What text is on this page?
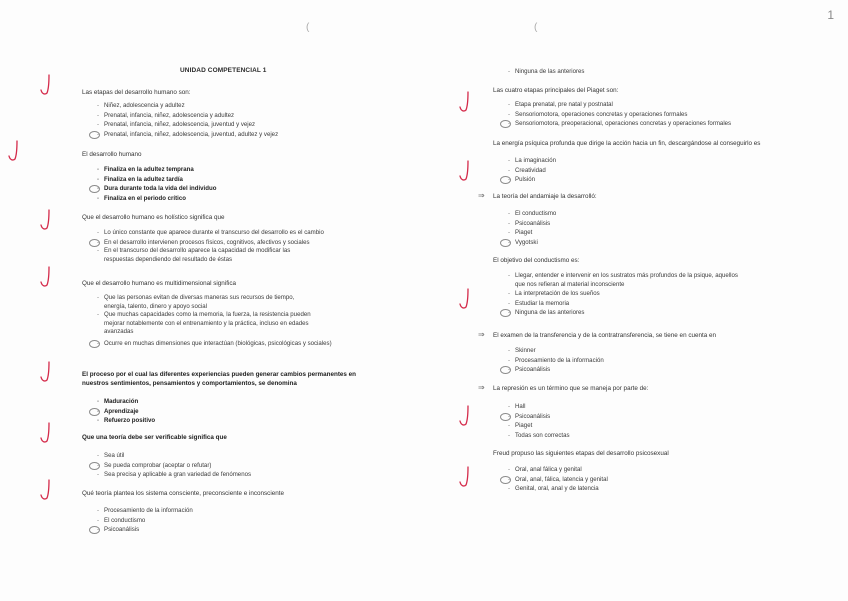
1
(	(
UNIDAD COMPETENCIAL 1
Las etapas del desarrollo humano son:
- Niñez, adolescencia y adultez
- Prenatal, infancia, niñez, adolescencia y adultez
- Prenatal, infancia, niñez, adolescencia, juventud y vejez
- Prenatal, infancia, niñez, adolescencia, juventud, adultez y vejez
El desarrollo humano
- Finaliza en la adultez temprana
- Finaliza en la adultez tardía
- Dura durante toda la vida del individuo
- Finaliza en el periodo crítico
Que el desarrollo humano es holístico significa que
- Lo único constante que aparece durante el transcurso del desarrollo es el cambio
- En el desarrollo intervienen procesos físicos, cognitivos, afectivos y sociales
- En el transcurso del desarrollo aparece la capacidad de modificar las
respuestas dependiendo del resultado de éstas
Que el desarrollo humano es multidimensional significa
- Que las personas evitan de diversas maneras sus recursos de tiempo,
energía, talento, dinero y apoyo social
- Que muchas capacidades como la memoria, la fuerza, la resistencia pueden
mejorar notablemente con el entrenamiento y la práctica, incluso en edades
avanzadas
- Ocurre en muchas dimensiones que interactúan (biológicas, psicológicas y sociales)
El proceso por el cual las diferentes experiencias pueden generar cambios permanentes en
nuestros sentimientos, pensamientos y comportamientos, se denomina
- Maduración
- Aprendizaje
- Refuerzo positivo
Que una teoría debe ser verificable significa que
- Sea útil
- Se pueda comprobar (aceptar o refutar)
- Sea precisa y aplicable a gran variedad de fenómenos
Qué teoría plantea los sistema consciente, preconsciente e inconsciente
- Procesamiento de la información
- El conductismo
- Psicoanálisis
- Ninguna de las anteriores
Las cuatro etapas principales del Piaget son:
- Etapa prenatal, pre natal y postnatal
- Sensoriomotora, operaciones concretas y operaciones formales
- Sensoriomotora, preoperacional, operaciones concretas y operaciones formales
La energía psíquica profunda que dirige la acción hacia un fin, descargándose al conseguirlo es
- La imaginación
- Creatividad
- Pulsión
⇒ La teoría del andamiaje la desarrolló:
- El conductismo
- Psicoanálisis
- Piaget
- Vygotski
El objetivo del conductismo es:
- Llegar, entender e intervenir en los sustratos más profundos de la psique, aquellos
que nos refieran al material inconsciente
- La interpretación de los sueños
- Estudiar la memoria
- Ninguna de las anteriores
⇒ El examen de la transferencia y de la contratransferencia, se tiene en cuenta en
- Skinner
- Procesamiento de la información
- Psicoanálisis
⇒ La represión es un término que se maneja por parte de:
- Hall
- Psicoanálisis
- Piaget
- Todas son correctas
Freud propuso las siguientes etapas del desarrollo psicosexual
- Oral, anal fálica y genital
- Oral, anal, fálica, latencia y genital
- Genital, oral, anal y de latencia
